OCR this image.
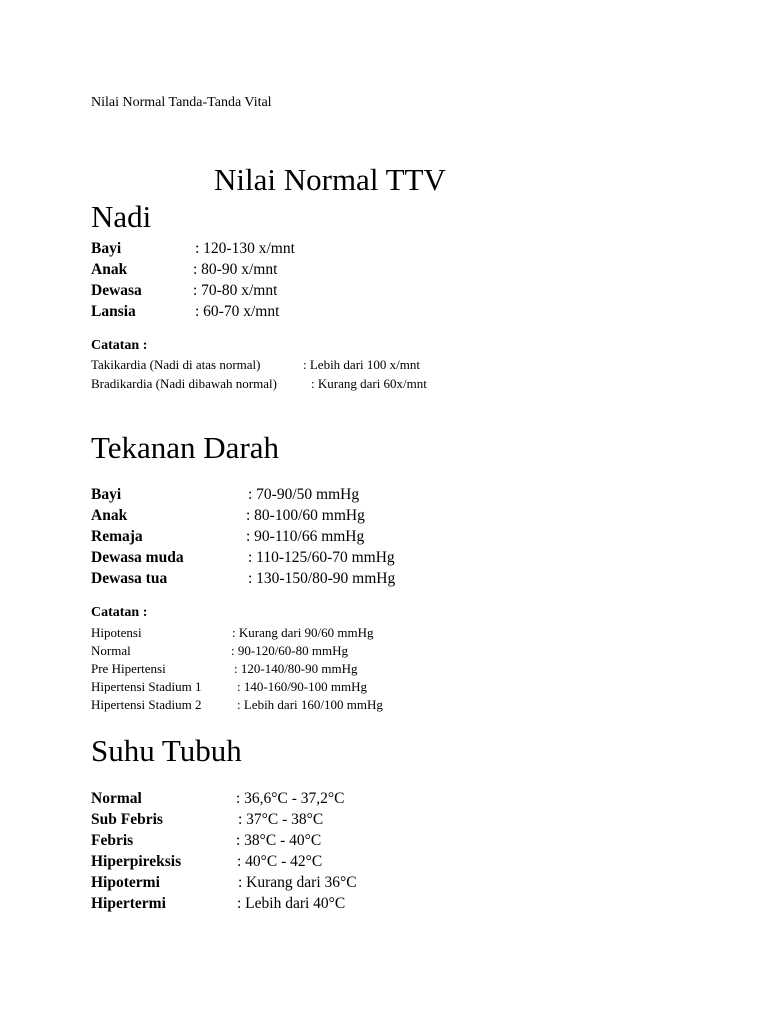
Nilai Normal Tanda-Tanda Vital
Nilai Normal TTV
Nadi
Bayi	: 120-130 x/mnt
Anak	: 80-90 x/mnt
Dewasa	: 70-80 x/mnt
Lansia	: 60-70 x/mnt
Catatan :
Takikardia (Nadi di atas normal)	: Lebih dari 100 x/mnt
Bradikardia (Nadi dibawah normal)	: Kurang dari 60x/mnt
Tekanan Darah
Bayi	: 70-90/50 mmHg
Anak	: 80-100/60 mmHg
Remaja	: 90-110/66 mmHg
Dewasa muda	: 110-125/60-70 mmHg
Dewasa tua	: 130-150/80-90 mmHg
Catatan :
Hipotensi	: Kurang dari 90/60 mmHg
Normal	: 90-120/60-80 mmHg
Pre Hipertensi	: 120-140/80-90 mmHg
Hipertensi Stadium 1	: 140-160/90-100 mmHg
Hipertensi Stadium 2	: Lebih dari 160/100 mmHg
Suhu Tubuh
Normal	: 36,6°C - 37,2°C
Sub Febris	: 37°C - 38°C
Febris	: 38°C - 40°C
Hiperpireksis	: 40°C - 42°C
Hipotermi	: Kurang dari 36°C
Hipertermi	: Lebih dari 40°C
